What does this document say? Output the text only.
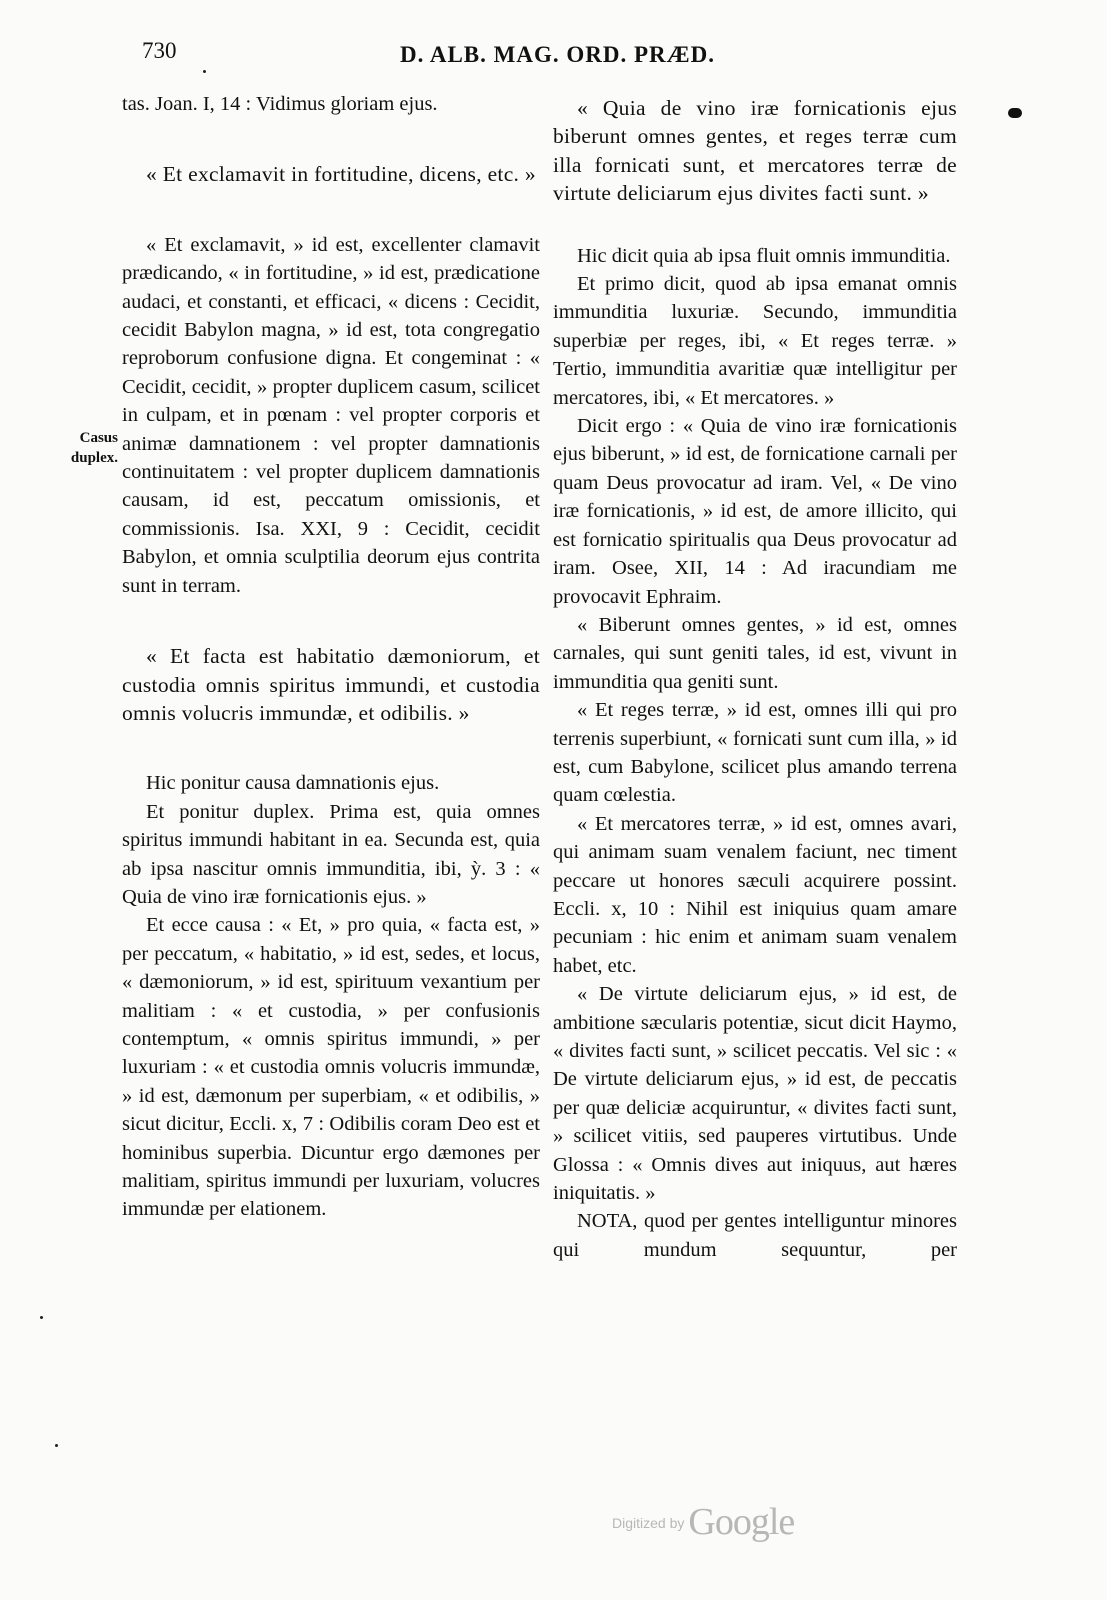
730	D. ALB. MAG. ORD. PRÆD.
Casus duplex.

tas. Joan. I, 14 : Vidimus gloriam ejus.

« Et exclamavit in fortitudine, dicens, etc. »

« Et exclamavit, » id est, excellenter clamavit prædicando, « in fortitudine, » id est, prædicatione audaci, et constanti, et efficaci, « dicens : Cecidit, cecidit Babylon magna, » id est, tota congregatio reproborum confusione digna. Et congeminat : « Cecidit, cecidit, » propter duplicem casum, scilicet in culpam, et in pœnam : vel propter corporis et animæ damnationem : vel propter damnationis continuitatem : vel propter duplicem damnationis causam, id est, peccatum omissionis, et commissionis. Isa. XXI, 9 : Cecidit, cecidit Babylon, et omnia sculptilia deorum ejus contrita sunt in terram.

« Et facta est habitatio dæmoniorum, et custodia omnis spiritus immundi, et custodia omnis volucris immundæ, et odibilis. »

Hic ponitur causa damnationis ejus.

Et ponitur duplex. Prima est, quia omnes spiritus immundi habitant in ea. Secunda est, quia ab ipsa nascitur omnis immunditia, ibi, ỳ. 3 : « Quia de vino iræ fornicationis ejus. »

Et ecce causa : « Et, » pro quia, « facta est, » per peccatum, « habitatio, » id est, sedes, et locus, « dæmoniorum, » id est, spirituum vexantium per malitiam : « et custodia, » per confusionis contemptum, « omnis spiritus immundi, » per luxuriam : « et custodia omnis volucris immundæ, » id est, dæmonum per superbiam, « et odibilis, » sicut dicitur, Eccli. x, 7 : Odibilis coram Deo est et hominibus superbia. Dicuntur ergo dæmones per malitiam, spiritus immundi per luxuriam, volucres immundæ per elationem.

« Quia de vino iræ fornicationis ejus biberunt omnes gentes, et reges terræ cum illa fornicati sunt, et mercatores terræ de virtute deliciarum ejus divites facti sunt. »

Hic dicit quia ab ipsa fluit omnis immunditia.

Et primo dicit, quod ab ipsa emanat omnis immunditia luxuriæ. Secundo, immunditia superbiæ per reges, ibi, « Et reges terræ. » Tertio, immunditia avaritiæ quæ intelligitur per mercatores, ibi, « Et mercatores. »

Dicit ergo : « Quia de vino iræ fornicationis ejus biberunt, » id est, de fornicatione carnali per quam Deus provocatur ad iram. Vel, « De vino iræ fornicationis, » id est, de amore illicito, qui est fornicatio spiritualis qua Deus provocatur ad iram. Osee, XII, 14 : Ad iracundiam me provocavit Ephraim.

« Biberunt omnes gentes, » id est, omnes carnales, qui sunt geniti tales, id est, vivunt in immunditia qua geniti sunt.

« Et reges terræ, » id est, omnes illi qui pro terrenis superbiunt, « fornicati sunt cum illa, » id est, cum Babylone, scilicet plus amando terrena quam cœlestia.

« Et mercatores terræ, » id est, omnes avari, qui animam suam venalem faciunt, nec timent peccare ut honores sæculi acquirere possint. Eccli. x, 10 : Nihil est iniquius quam amare pecuniam : hic enim et animam suam venalem habet, etc.

« De virtute deliciarum ejus, » id est, de ambitione sæcularis potentiæ, sicut dicit Haymo, « divites facti sunt, » scilicet peccatis. Vel sic : « De virtute deliciarum ejus, » id est, de peccatis per quæ deliciæ acquiruntur, « divites facti sunt, » scilicet vitiis, sed pauperes virtutibus. Unde Glossa : « Omnis dives aut iniquus, aut hæres iniquitatis. »

NOTA, quod per gentes intelliguntur minores qui mundum sequuntur, per

Digitized by Google
